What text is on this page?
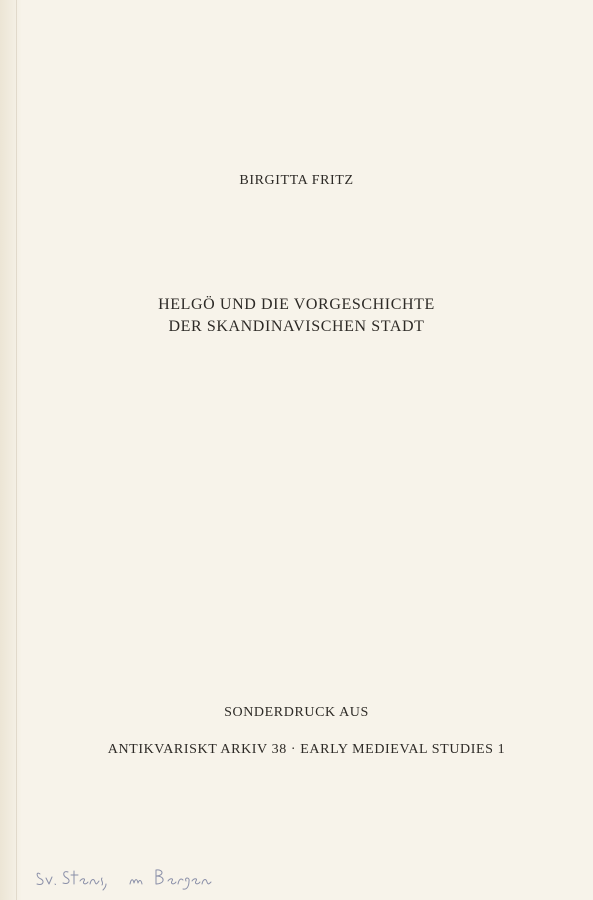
BIRGITTA FRITZ

HELGÖ UND DIE VORGESCHICHTE
DER SKANDINAVISCHEN STADT

SONDERDRUCK AUS

ANTIKVARISKT ARKIV 38 · EARLY MEDIEVAL STUDIES 1
